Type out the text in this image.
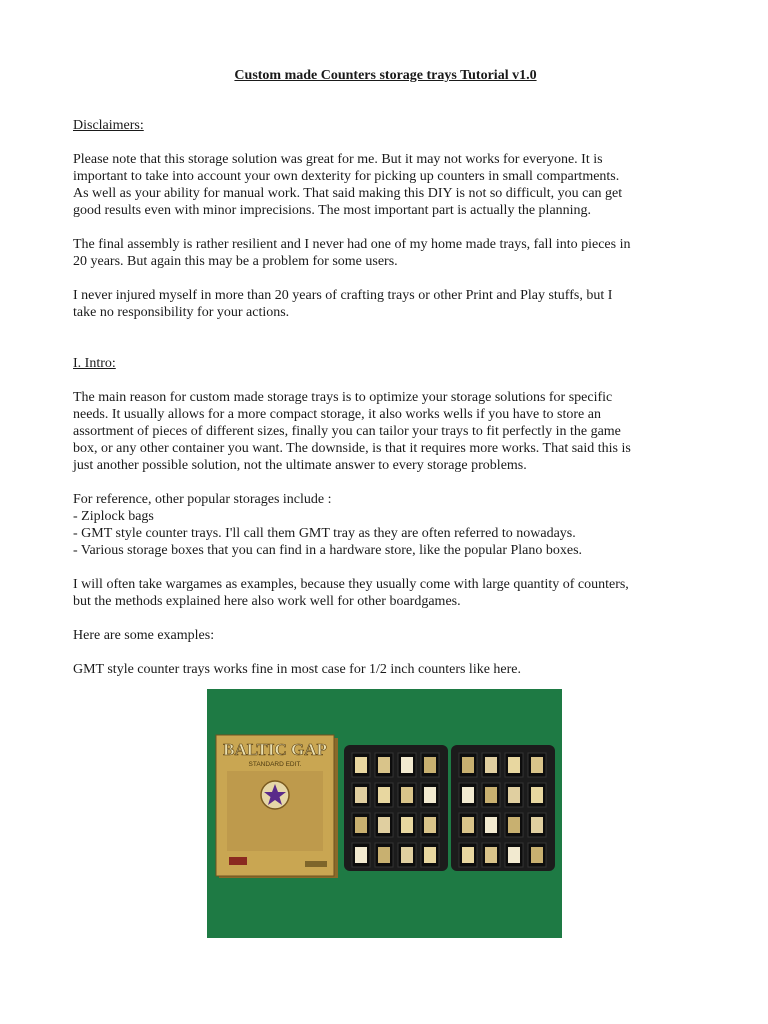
Custom made Counters storage trays Tutorial v1.0
Disclaimers:
Please note that this storage solution was great for me. But it may not works for everyone. It is
important to take into account your own dexterity for picking up counters in small compartments.
As well as your ability for manual work. That said making this DIY is not so difficult, you can get
good results even with minor imprecisions. The most important part is actually the planning.
The final assembly is rather resilient and I never had one of my home made trays, fall into pieces in
20 years. But again this may be a problem for some users.
I never injured myself in more than 20 years of crafting trays or other Print and Play stuffs, but I
take no responsibility for your actions.
I. Intro:
The main reason for custom made storage trays is to optimize your storage solutions for specific
needs. It usually allows for a more compact storage, it also works wells if you have to store an
assortment of pieces of different sizes, finally you can tailor your trays to fit perfectly in the game
box, or any other container you want. The downside, is that it requires more works. That said this is
just another possible solution, not the ultimate answer to every storage problems.
For reference, other popular storages include :
- Ziplock bags
- GMT style counter trays. I'll call them GMT tray as they are often referred to nowadays.
- Various storage boxes that you can find in a hardware store, like the popular Plano boxes.
I will often take wargames as examples, because they usually come with large quantity of counters,
but the methods explained here also work well for other boardgames.
Here are some examples:
GMT style counter trays works fine in most case for 1/2 inch counters like here.
BALTIC GAP
STANDARD EDIT.
